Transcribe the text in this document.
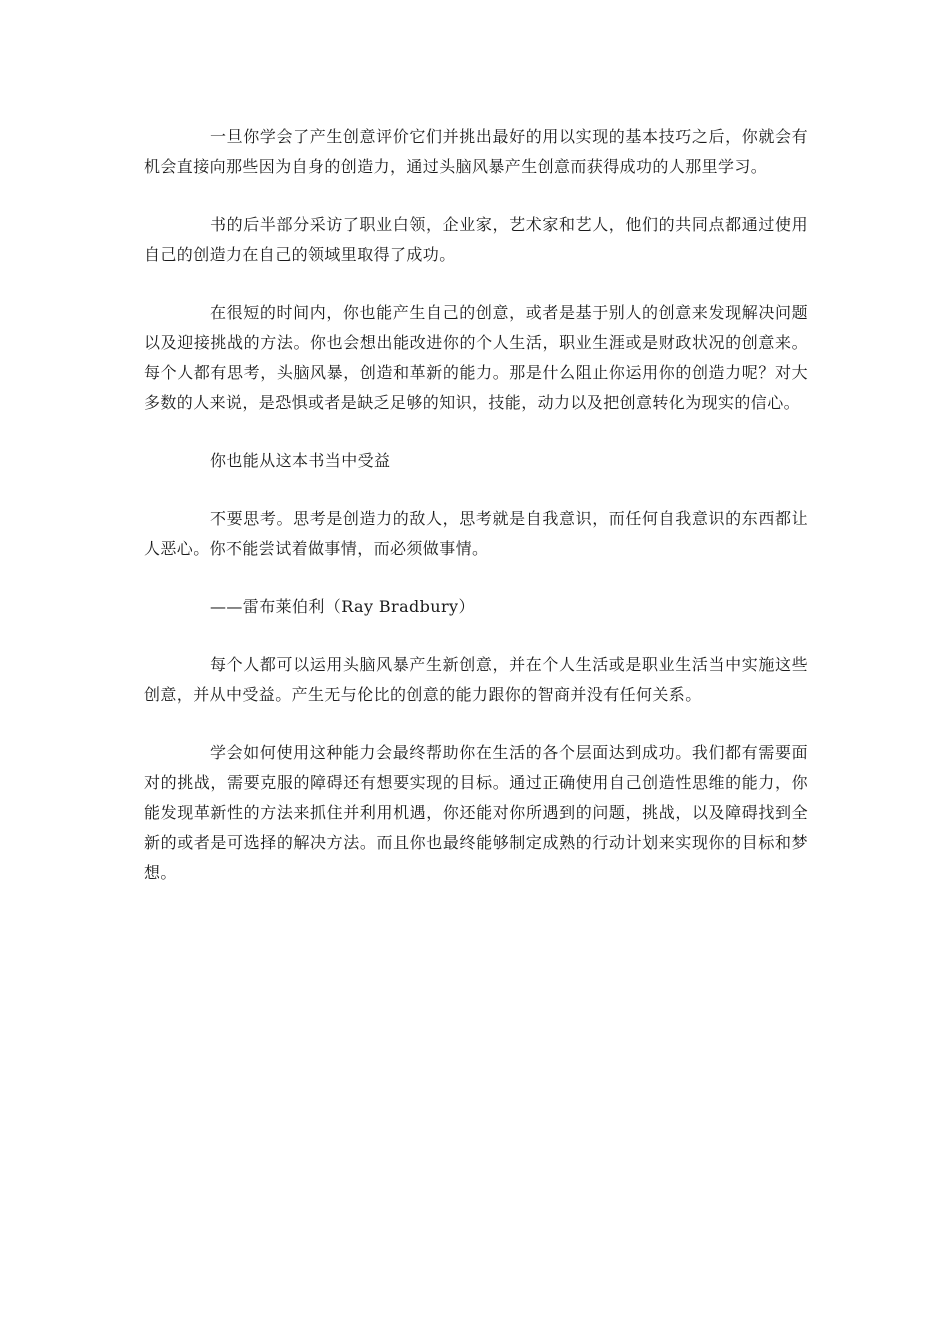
一旦你学会了产生创意评价它们并挑出最好的用以实现的基本技巧之后，你就会有机会直接向那些因为自身的创造力，通过头脑风暴产生创意而获得成功的人那里学习。

书的后半部分采访了职业白领，企业家，艺术家和艺人，他们的共同点都通过使用自己的创造力在自己的领域里取得了成功。

在很短的时间内，你也能产生自己的创意，或者是基于别人的创意来发现解决问题以及迎接挑战的方法。你也会想出能改进你的个人生活，职业生涯或是财政状况的创意来。每个人都有思考，头脑风暴，创造和革新的能力。那是什么阻止你运用你的创造力呢？对大多数的人来说，是恐惧或者是缺乏足够的知识，技能，动力以及把创意转化为现实的信心。

你也能从这本书当中受益

不要思考。思考是创造力的敌人，思考就是自我意识，而任何自我意识的东西都让人恶心。你不能尝试着做事情，而必须做事情。

——雷布莱伯利（Ray Bradbury）

每个人都可以运用头脑风暴产生新创意，并在个人生活或是职业生活当中实施这些创意，并从中受益。产生无与伦比的创意的能力跟你的智商并没有任何关系。

学会如何使用这种能力会最终帮助你在生活的各个层面达到成功。我们都有需要面对的挑战，需要克服的障碍还有想要实现的目标。通过正确使用自己创造性思维的能力，你能发现革新性的方法来抓住并利用机遇，你还能对你所遇到的问题，挑战，以及障碍找到全新的或者是可选择的解决方法。而且你也最终能够制定成熟的行动计划来实现你的目标和梦想。
